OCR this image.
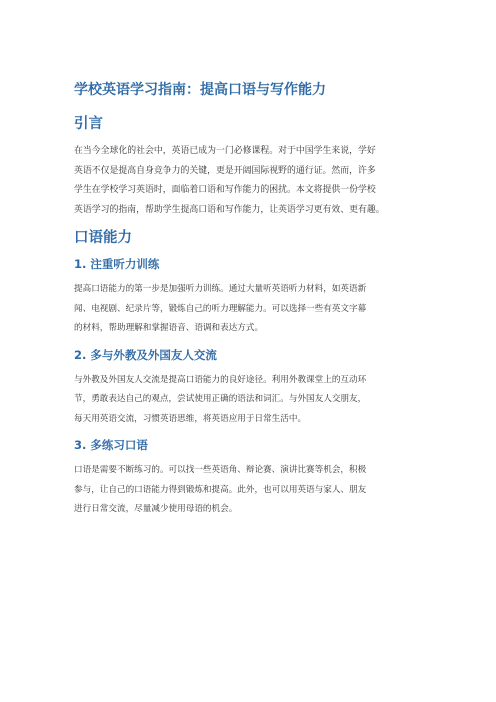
学校英语学习指南：提高口语与写作能力
引言
在当今全球化的社会中，英语已成为一门必修课程。对于中国学生来说，学好
英语不仅是提高自身竞争力的关键，更是开阔国际视野的通行证。然而，许多
学生在学校学习英语时，面临着口语和写作能力的困扰。本文将提供一份学校
英语学习的指南，帮助学生提高口语和写作能力，让英语学习更有效、更有趣。
口语能力
1. 注重听力训练
提高口语能力的第一步是加强听力训练。通过大量听英语听力材料，如英语新
闻、电视剧、纪录片等，锻炼自己的听力理解能力。可以选择一些有英文字幕
的材料，帮助理解和掌握语音、语调和表达方式。
2. 多与外教及外国友人交流
与外教及外国友人交流是提高口语能力的良好途径。利用外教课堂上的互动环
节，勇敢表达自己的观点，尝试使用正确的语法和词汇。与外国友人交朋友，
每天用英语交流，习惯英语思维，将英语应用于日常生活中。
3. 多练习口语
口语是需要不断练习的。可以找一些英语角、辩论赛、演讲比赛等机会，积极
参与，让自己的口语能力得到锻炼和提高。此外，也可以用英语与家人、朋友
进行日常交流，尽量减少使用母语的机会。
